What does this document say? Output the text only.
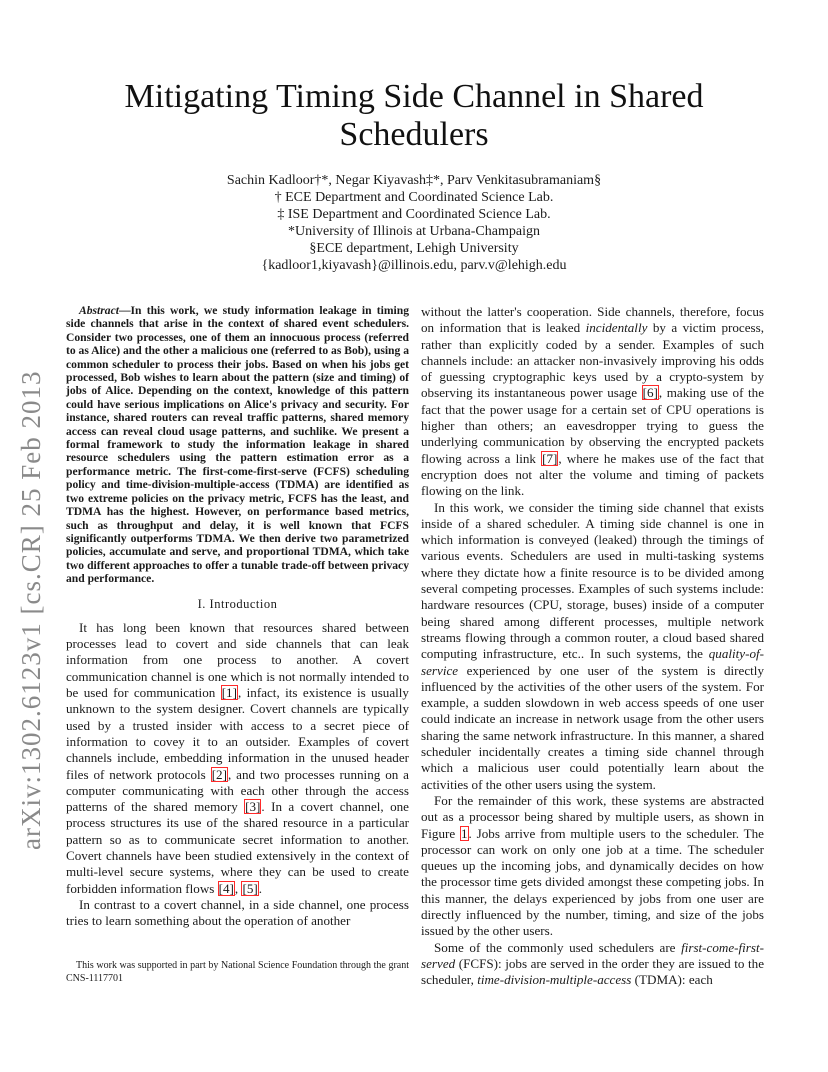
arXiv:1302.6123v1 [cs.CR] 25 Feb 2013
Mitigating Timing Side Channel in Shared Schedulers
Sachin Kadloor†*, Negar Kiyavash‡*, Parv Venkitasubramaniam§
† ECE Department and Coordinated Science Lab.
‡ ISE Department and Coordinated Science Lab.
*University of Illinois at Urbana-Champaign
§ECE department, Lehigh University
{kadloor1,kiyavash}@illinois.edu, parv.v@lehigh.edu

Abstract—In this work, we study information leakage in timing side channels that arise in the context of shared event schedulers. Consider two processes, one of them an innocuous process (referred to as Alice) and the other a malicious one (referred to as Bob), using a common scheduler to process their jobs. Based on when his jobs get processed, Bob wishes to learn about the pattern (size and timing) of jobs of Alice. Depending on the context, knowledge of this pattern could have serious implications on Alice's privacy and security. For instance, shared routers can reveal traffic patterns, shared memory access can reveal cloud usage patterns, and suchlike. We present a formal framework to study the information leakage in shared resource schedulers using the pattern estimation error as a performance metric. The first-come-first-serve (FCFS) scheduling policy and time-division-multiple-access (TDMA) are identified as two extreme policies on the privacy metric, FCFS has the least, and TDMA has the highest. However, on performance based metrics, such as throughput and delay, it is well known that FCFS significantly outperforms TDMA. We then derive two parametrized policies, accumulate and serve, and proportional TDMA, which take two different approaches to offer a tunable trade-off between privacy and performance.

I. Introduction

It has long been known that resources shared between processes lead to covert and side channels that can leak information from one process to another. A covert communication channel is one which is not normally intended to be used for communication [1], infact, its existence is usually unknown to the system designer. Covert channels are typically used by a trusted insider with access to a secret piece of information to covey it to an outsider. Examples of covert channels include, embedding information in the unused header files of network protocols [2], and two processes running on a computer communicating with each other through the access patterns of the shared memory [3]. In a covert channel, one process structures its use of the shared resource in a particular pattern so as to communicate secret information to another. Covert channels have been studied extensively in the context of multi-level secure systems, where they can be used to create forbidden information flows [4], [5].

In contrast to a covert channel, in a side channel, one process tries to learn something about the operation of another

This work was supported in part by National Science Foundation through the grant CNS-1117701

without the latter's cooperation. Side channels, therefore, focus on information that is leaked incidentally by a victim process, rather than explicitly coded by a sender. Examples of such channels include: an attacker non-invasively improving his odds of guessing cryptographic keys used by a crypto-system by observing its instantaneous power usage [6], making use of the fact that the power usage for a certain set of CPU operations is higher than others; an eavesdropper trying to guess the underlying communication by observing the encrypted packets flowing across a link [7], where he makes use of the fact that encryption does not alter the volume and timing of packets flowing on the link.

In this work, we consider the timing side channel that exists inside of a shared scheduler. A timing side channel is one in which information is conveyed (leaked) through the timings of various events. Schedulers are used in multi-tasking systems where they dictate how a finite resource is to be divided among several competing processes. Examples of such systems include: hardware resources (CPU, storage, buses) inside of a computer being shared among different processes, multiple network streams flowing through a common router, a cloud based shared computing infrastructure, etc.. In such systems, the quality-of-service experienced by one user of the system is directly influenced by the activities of the other users of the system. For example, a sudden slowdown in web access speeds of one user could indicate an increase in network usage from the other users sharing the same network infrastructure. In this manner, a shared scheduler incidentally creates a timing side channel through which a malicious user could potentially learn about the activities of the other users using the system.

For the remainder of this work, these systems are abstracted out as a processor being shared by multiple users, as shown in Figure 1. Jobs arrive from multiple users to the scheduler. The processor can work on only one job at a time. The scheduler queues up the incoming jobs, and dynamically decides on how the processor time gets divided amongst these competing jobs. In this manner, the delays experienced by jobs from one user are directly influenced by the number, timing, and size of the jobs issued by the other users.

Some of the commonly used schedulers are first-come-first-served (FCFS): jobs are served in the order they are issued to the scheduler, time-division-multiple-access (TDMA): each
